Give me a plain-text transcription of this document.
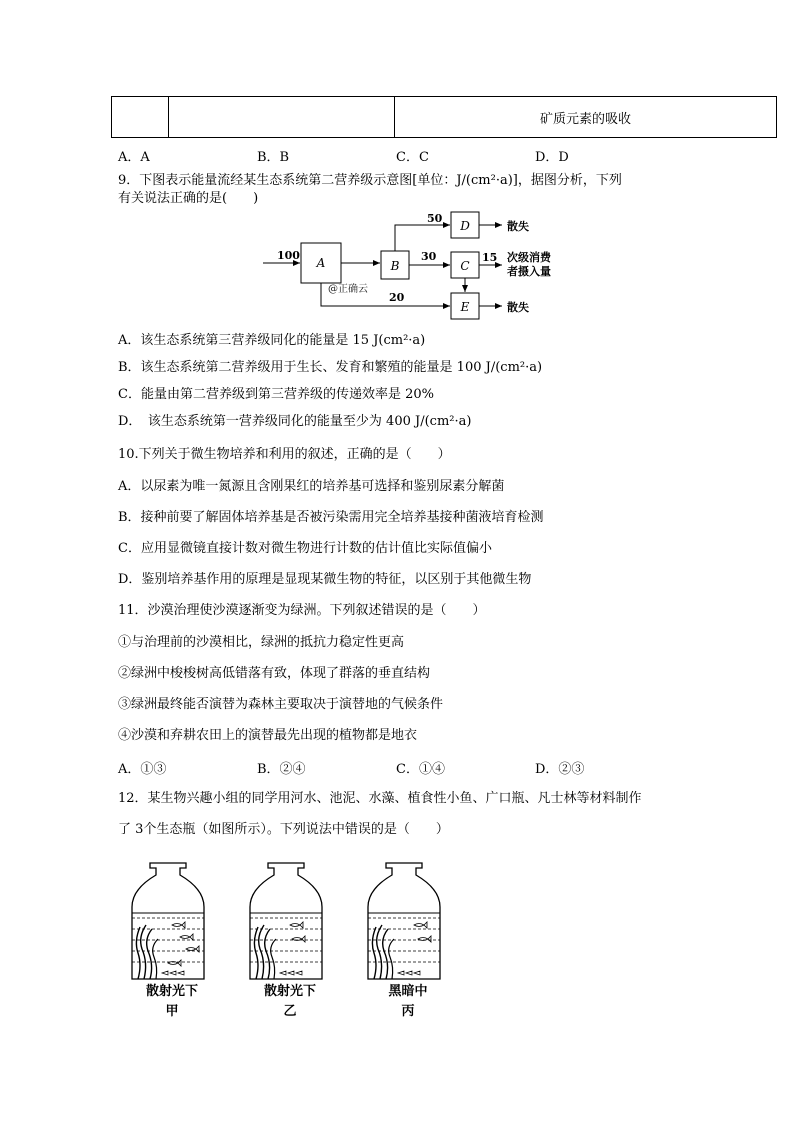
		矿质元素的吸收
A．A	B．B	C．C	D．D
9．下图表示能量流经某生态系统第二营养级示意图[单位：J/(cm²·a)]，据图分析，下列
有关说法正确的是(　　)
A	B
D
C
E
100
50
30
20
15
散失
次级消费
者摄入量
散失
@正确云
A．该生态系统第三营养级同化的能量是 15 J(cm²·a)
B．该生态系统第二营养级用于生长、发育和繁殖的能量是 100 J/(cm²·a)
C．能量由第二营养级到第三营养级的传递效率是 20%
D．　该生态系统第一营养级同化的能量至少为 400 J/(cm²·a)
10.下列关于微生物培养和利用的叙述，正确的是（　　）
A．以尿素为唯一氮源且含刚果红的培养基可选择和鉴别尿素分解菌
B．接种前要了解固体培养基是否被污染需用完全培养基接种菌液培育检测
C．应用显微镜直接计数对微生物进行计数的估计值比实际值偏小
D．鉴别培养基作用的原理是显现某微生物的特征，以区别于其他微生物
11．沙漠治理使沙漠逐渐变为绿洲。下列叙述错误的是（　　）
①与治理前的沙漠相比，绿洲的抵抗力稳定性更高
②绿洲中梭梭树高低错落有致，体现了群落的垂直结构
③绿洲最终能否演替为森林主要取决于演替地的气候条件
④沙漠和弃耕农田上的演替最先出现的植物都是地衣
A．①③	B．②④	C．①④	D．②③
12．某生物兴趣小组的同学用河水、池泥、水藻、植食性小鱼、广口瓶、凡士林等材料制作
了 3个生态瓶（如图所示）。下列说法中错误的是（　　）
散射光下
甲
散射光下
乙
黑暗中
丙
